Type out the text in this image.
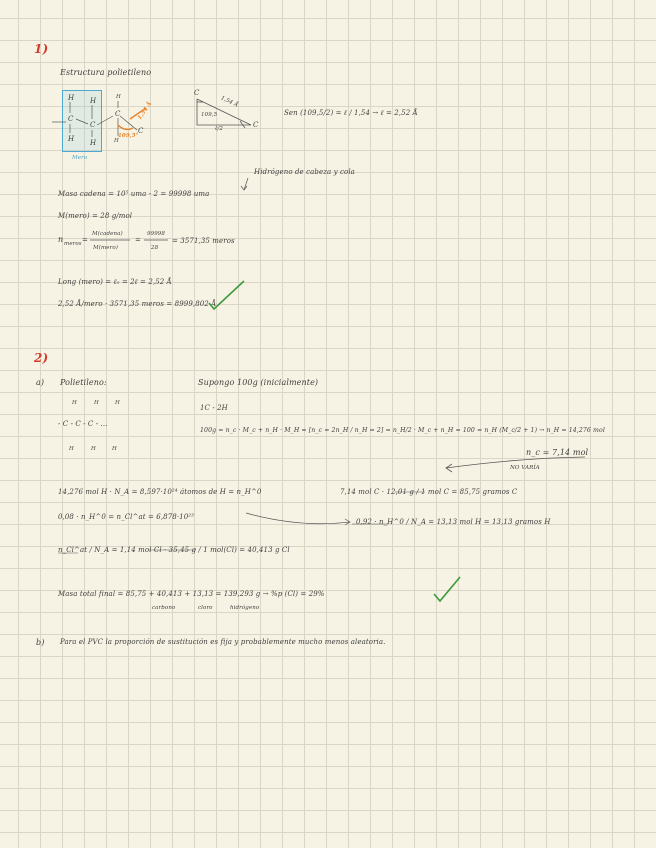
1)
Estructura polietileno
H H
C
C
H H
Mero
H
C
H
C
1,54 Å
109,5°
C
C
1,54 Å
109,5
ℓ/2
Sen (109,5/2) = ℓ / 1,54 → ℓ = 2,52 Å
Hidrógeno de cabeza y cola
Masa cadena = 10⁵ uma - 2 = 99998 uma
M(mero) = 28 g/mol
n meros =
M(cadena)
M(mero)
=
99998
28
= 3571,35 meros
Long (mero) = ℓ₀ = 2ℓ = 2,52 Å
2,52 Å/mero · 3571,35 meros = 8999,802 Å
2)
a) Polietileno:
H	H	H
- C - C - C - ...
H	H	H
Supongo 100g (inicialmente)
1C - 2H
100g = n_c · M_c + n_H · M_H = [n_c = 2n_H / n_H = 2] = n_H/2 · M_c + n_H = 100 = n_H (M_c/2 + 1) → n_H = 14,276 mol
n_c = 7,14 mol
NO VARÍA
14,276 mol H · N_A = 8,597·10²⁴ átomos de H = n_H^0	7,14 mol C · 12,01 g / 1 mol C = 85,75 gramos C
0,08 · n_H^0 = n_Cl^at = 6,878·10²³
0,92 · n_H^0 / N_A = 13,13 mol H = 13,13 gramos H
n_Cl^at / N_A = 1,14 mol Cl · 35,45 g / 1 mol(Cl) = 40,413 g Cl
Masa total final = 85,75 + 40,413 + 13,13 = 139,293 g → %p (Cl) = 29%
carbono	cloro	hidrógeno
b) Para el PVC la proporción de sustitución es fija y probablemente mucho menos aleatoria.
